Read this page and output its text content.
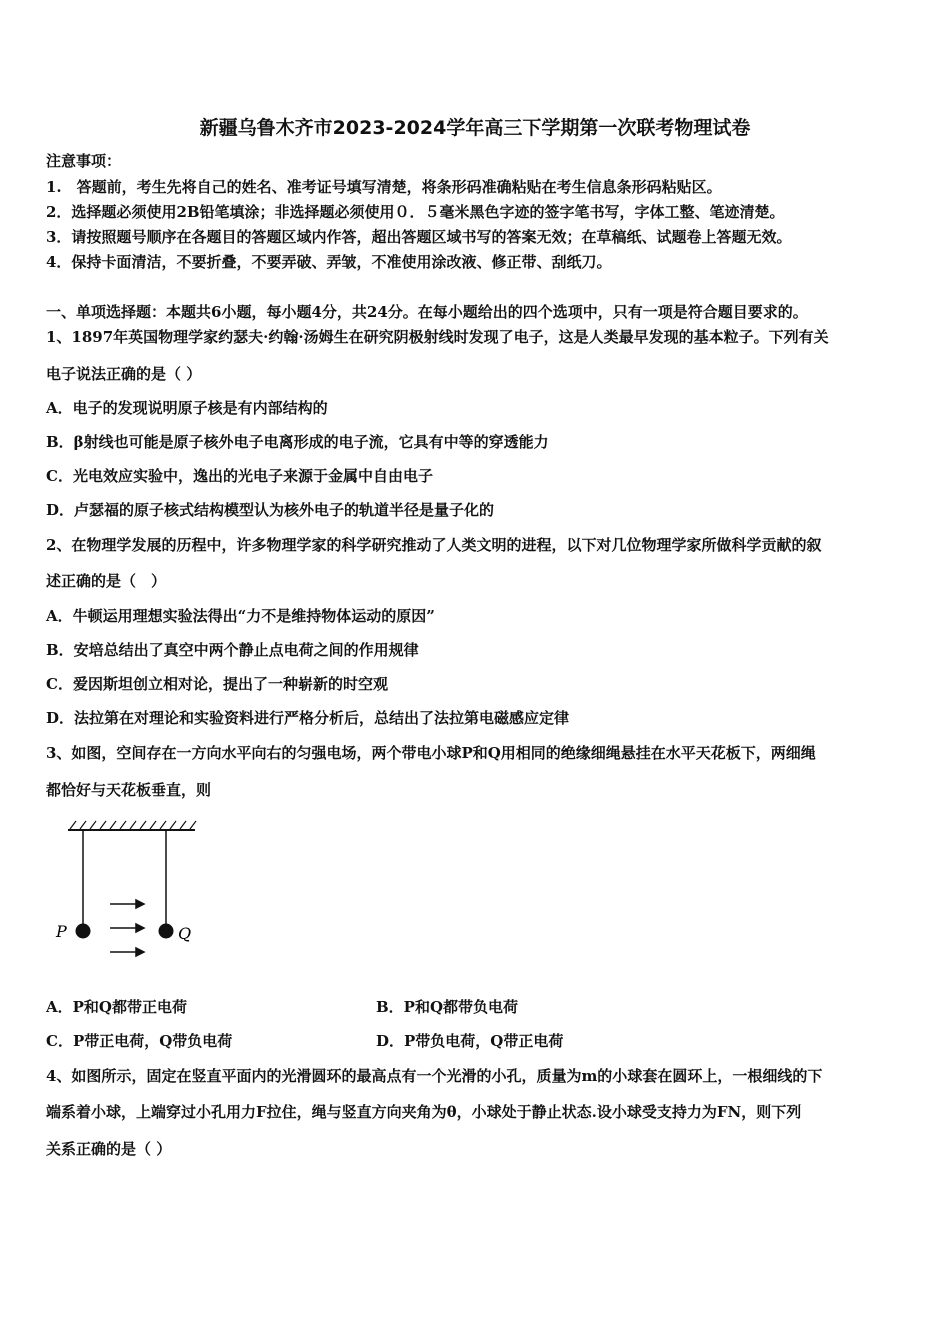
新疆乌鲁木齐市2023-2024学年高三下学期第一次联考物理试卷
注意事项：
1.　答题前，考生先将自己的姓名、准考证号填写清楚，将条形码准确粘贴在考生信息条形码粘贴区。
2．选择题必须使用2B铅笔填涂；非选择题必须使用０．５毫米黑色字迹的签字笔书写，字体工整、笔迹清楚。
3．请按照题号顺序在各题目的答题区域内作答，超出答题区域书写的答案无效；在草稿纸、试题卷上答题无效。
4．保持卡面清洁，不要折叠，不要弄破、弄皱，不准使用涂改液、修正带、刮纸刀。
一、单项选择题：本题共6小题，每小题4分，共24分。在每小题给出的四个选项中，只有一项是符合题目要求的。
1、1897年英国物理学家约瑟夫·约翰·汤姆生在研究阴极射线时发现了电子，这是人类最早发现的基本粒子。下列有关
电子说法正确的是（ ）
A．电子的发现说明原子核是有内部结构的
B．β射线也可能是原子核外电子电离形成的电子流，它具有中等的穿透能力
C．光电效应实验中，逸出的光电子来源于金属中自由电子
D．卢瑟福的原子核式结构模型认为核外电子的轨道半径是量子化的
2、在物理学发展的历程中，许多物理学家的科学研究推动了人类文明的进程，以下对几位物理学家所做科学贡献的叙
述正确的是（　）
A．牛顿运用理想实验法得出“力不是维持物体运动的原因”
B．安培总结出了真空中两个静止点电荷之间的作用规律
C．爱因斯坦创立相对论，提出了一种崭新的时空观
D．法拉第在对理论和实验资料进行严格分析后，总结出了法拉第电磁感应定律
3、如图，空间存在一方向水平向右的匀强电场，两个带电小球P和Q用相同的绝缘细绳悬挂在水平天花板下，两细绳
都恰好与天花板垂直，则
P	Q
A．P和Q都带正电荷	B．P和Q都带负电荷
C．P带正电荷，Q带负电荷	D．P带负电荷，Q带正电荷
4、如图所示，固定在竖直平面内的光滑圆环的最高点有一个光滑的小孔，质量为m的小球套在圆环上，一根细线的下
端系着小球，上端穿过小孔用力F拉住，绳与竖直方向夹角为θ，小球处于静止状态.设小球受支持力为FN，则下列
关系正确的是（ ）
